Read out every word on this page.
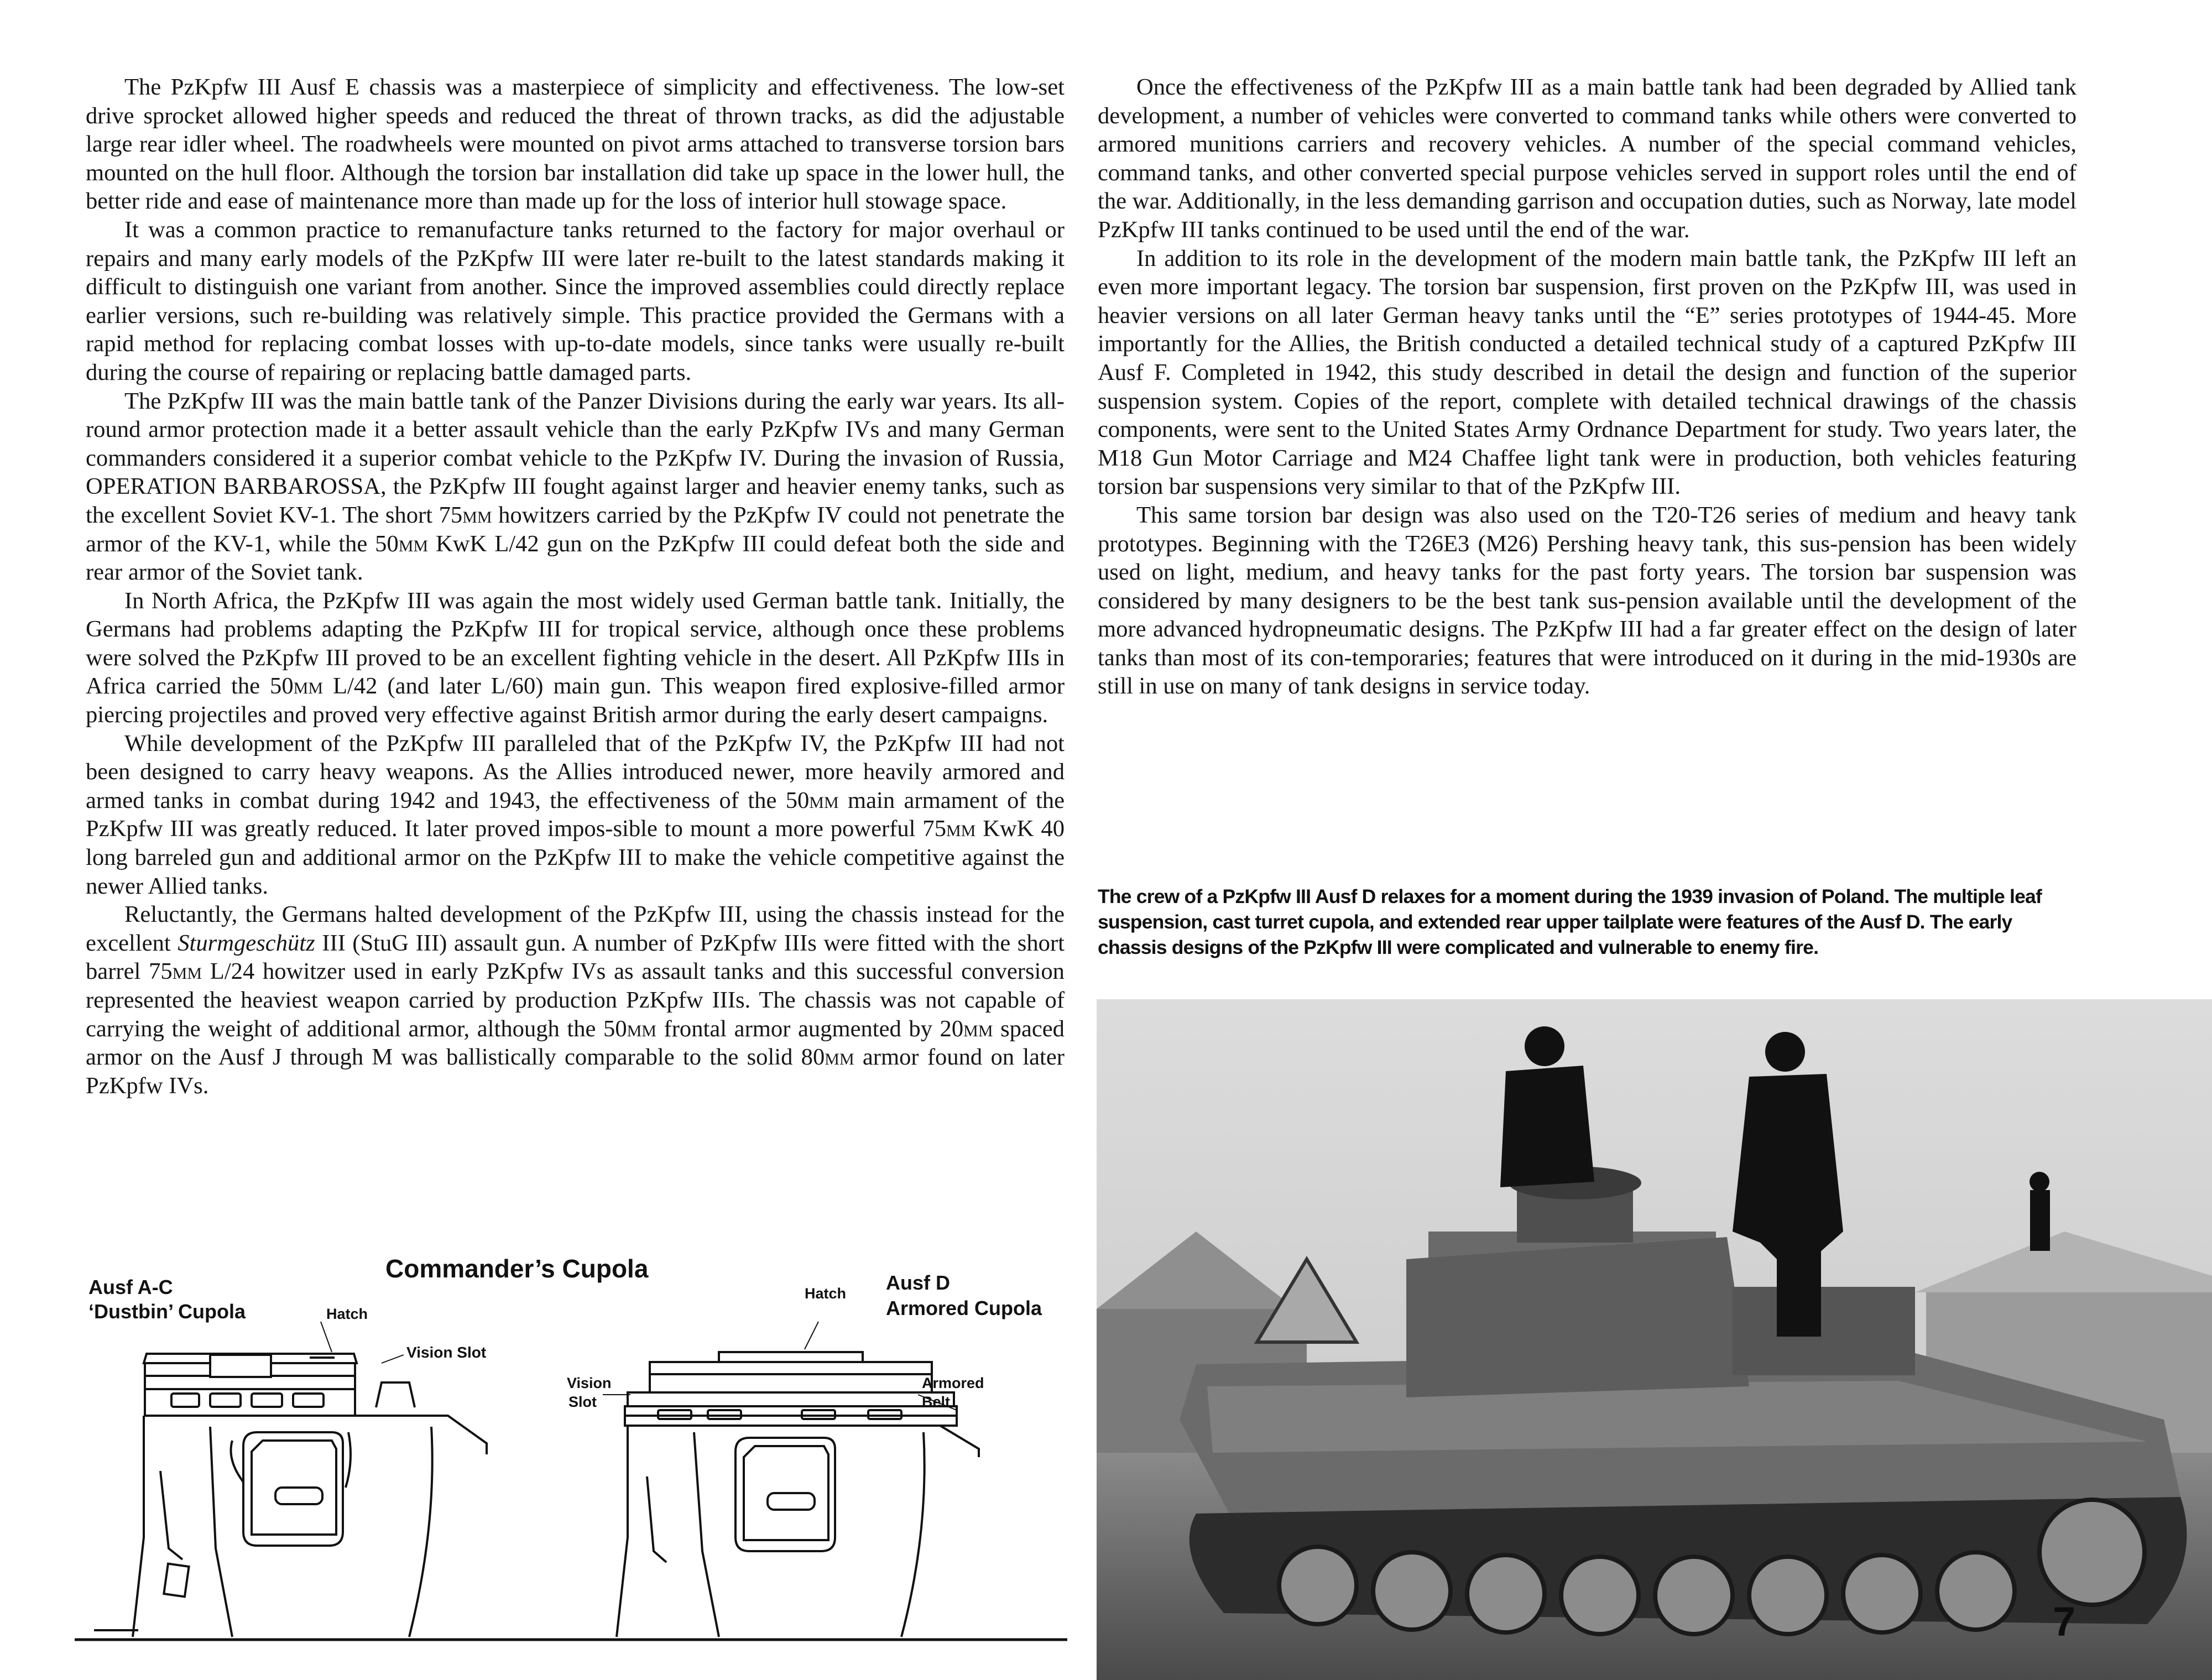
The PzKpfw III Ausf E chassis was a masterpiece of simplicity and effectiveness. The low-set drive sprocket allowed higher speeds and reduced the threat of thrown tracks, as did the adjustable large rear idler wheel. The roadwheels were mounted on pivot arms attached to transverse torsion bars mounted on the hull floor. Although the torsion bar installation did take up space in the lower hull, the better ride and ease of maintenance more than made up for the loss of interior hull stowage space.

It was a common practice to remanufacture tanks returned to the factory for major overhaul or repairs and many early models of the PzKpfw III were later re-built to the latest standards making it difficult to distinguish one variant from another. Since the improved assemblies could directly replace earlier versions, such re-building was relatively simple. This practice provided the Germans with a rapid method for replacing combat losses with up-to-date models, since tanks were usually re-built during the course of repairing or replacing battle damaged parts.

The PzKpfw III was the main battle tank of the Panzer Divisions during the early war years. Its all-round armor protection made it a better assault vehicle than the early PzKpfw IVs and many German commanders considered it a superior combat vehicle to the PzKpfw IV. During the invasion of Russia, OPERATION BARBAROSSA, the PzKpfw III fought against larger and heavier enemy tanks, such as the excellent Soviet KV-1. The short 75mm howitzers carried by the PzKpfw IV could not penetrate the armor of the KV-1, while the 50mm KwK L/42 gun on the PzKpfw III could defeat both the side and rear armor of the Soviet tank.

In North Africa, the PzKpfw III was again the most widely used German battle tank. Initially, the Germans had problems adapting the PzKpfw III for tropical service, although once these problems were solved the PzKpfw III proved to be an excellent fighting vehicle in the desert. All PzKpfw IIIs in Africa carried the 50mm L/42 (and later L/60) main gun. This weapon fired explosive-filled armor piercing projectiles and proved very effective against British armor during the early desert campaigns.

While development of the PzKpfw III paralleled that of the PzKpfw IV, the PzKpfw III had not been designed to carry heavy weapons. As the Allies introduced newer, more heavily armored and armed tanks in combat during 1942 and 1943, the effectiveness of the 50mm main armament of the PzKpfw III was greatly reduced. It later proved impos-sible to mount a more powerful 75mm KwK 40 long barreled gun and additional armor on the PzKpfw III to make the vehicle competitive against the newer Allied tanks.

Reluctantly, the Germans halted development of the PzKpfw III, using the chassis instead for the excellent Sturmgeschütz III (StuG III) assault gun. A number of PzKpfw IIIs were fitted with the short barrel 75mm L/24 howitzer used in early PzKpfw IVs as assault tanks and this successful conversion represented the heaviest weapon carried by production PzKpfw IIIs. The chassis was not capable of carrying the weight of additional armor, although the 50mm frontal armor augmented by 20mm spaced armor on the Ausf J through M was ballistically comparable to the solid 80mm armor found on later PzKpfw IVs.

Once the effectiveness of the PzKpfw III as a main battle tank had been degraded by Allied tank development, a number of vehicles were converted to command tanks while others were converted to armored munitions carriers and recovery vehicles. A number of the special command vehicles, command tanks, and other converted special purpose vehicles served in support roles until the end of the war. Additionally, in the less demanding garrison and occupation duties, such as Norway, late model PzKpfw III tanks continued to be used until the end of the war.

In addition to its role in the development of the modern main battle tank, the PzKpfw III left an even more important legacy. The torsion bar suspension, first proven on the PzKpfw III, was used in heavier versions on all later German heavy tanks until the “E” series prototypes of 1944-45. More importantly for the Allies, the British conducted a detailed technical study of a captured PzKpfw III Ausf F. Completed in 1942, this study described in detail the design and function of the superior suspension system. Copies of the report, complete with detailed technical drawings of the chassis components, were sent to the United States Army Ordnance Department for study. Two years later, the M18 Gun Motor Carriage and M24 Chaffee light tank were in production, both vehicles featuring torsion bar suspensions very similar to that of the PzKpfw III.

This same torsion bar design was also used on the T20-T26 series of medium and heavy tank prototypes. Beginning with the T26E3 (M26) Pershing heavy tank, this sus-pension has been widely used on light, medium, and heavy tanks for the past forty years. The torsion bar suspension was considered by many designers to be the best tank sus-pension available until the development of the more advanced hydropneumatic designs. The PzKpfw III had a far greater effect on the design of later tanks than most of its con-temporaries; features that were introduced on it during in the mid-1930s are still in use on many of tank designs in service today.

The crew of a PzKpfw III Ausf D relaxes for a moment during the 1939 invasion of Poland. The multiple leaf suspension, cast turret cupola, and extended rear upper tailplate were features of the Ausf D. The early chassis designs of the PzKpfw III were complicated and vulnerable to enemy fire.

Commander’s Cupola
Ausf A-C
‘Dustbin’ Cupola	Hatch
Vision Slot
Ausf D
Armored Cupola
Hatch
Vision
Slot
Armored
Belt
7
